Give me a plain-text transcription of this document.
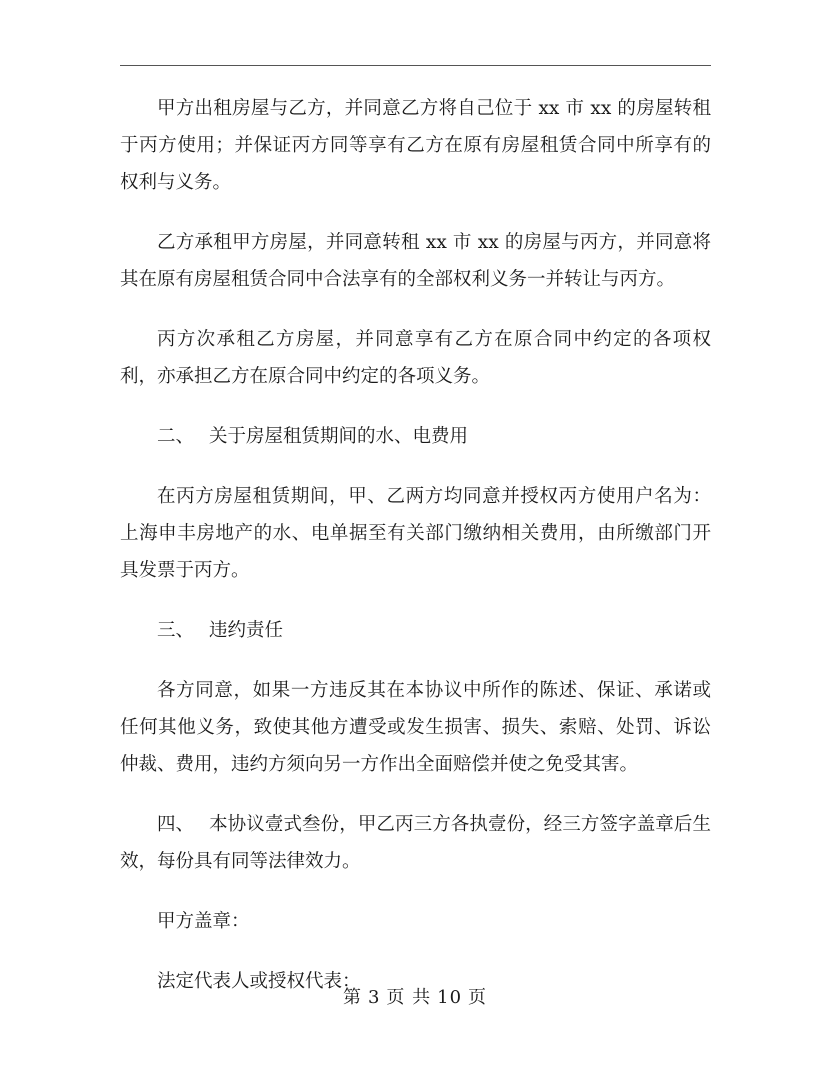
甲方出租房屋与乙方，并同意乙方将自己位于 xx 市 xx 的房屋转租于丙方使用；并保证丙方同等享有乙方在原有房屋租赁合同中所享有的权利与义务。

乙方承租甲方房屋，并同意转租 xx 市 xx 的房屋与丙方，并同意将其在原有房屋租赁合同中合法享有的全部权利义务一并转让与丙方。

丙方次承租乙方房屋，并同意享有乙方在原合同中约定的各项权利，亦承担乙方在原合同中约定的各项义务。

二、 关于房屋租赁期间的水、电费用

在丙方房屋租赁期间，甲、乙两方均同意并授权丙方使用户名为：上海申丰房地产的水、电单据至有关部门缴纳相关费用，由所缴部门开具发票于丙方。

三、 违约责任

各方同意，如果一方违反其在本协议中所作的陈述、保证、承诺或任何其他义务，致使其他方遭受或发生损害、损失、索赔、处罚、诉讼仲裁、费用，违约方须向另一方作出全面赔偿并使之免受其害。

四、 本协议壹式叁份，甲乙丙三方各执壹份，经三方签字盖章后生效，每份具有同等法律效力。

甲方盖章：
法定代表人或授权代表：
第 3 页 共 10 页
